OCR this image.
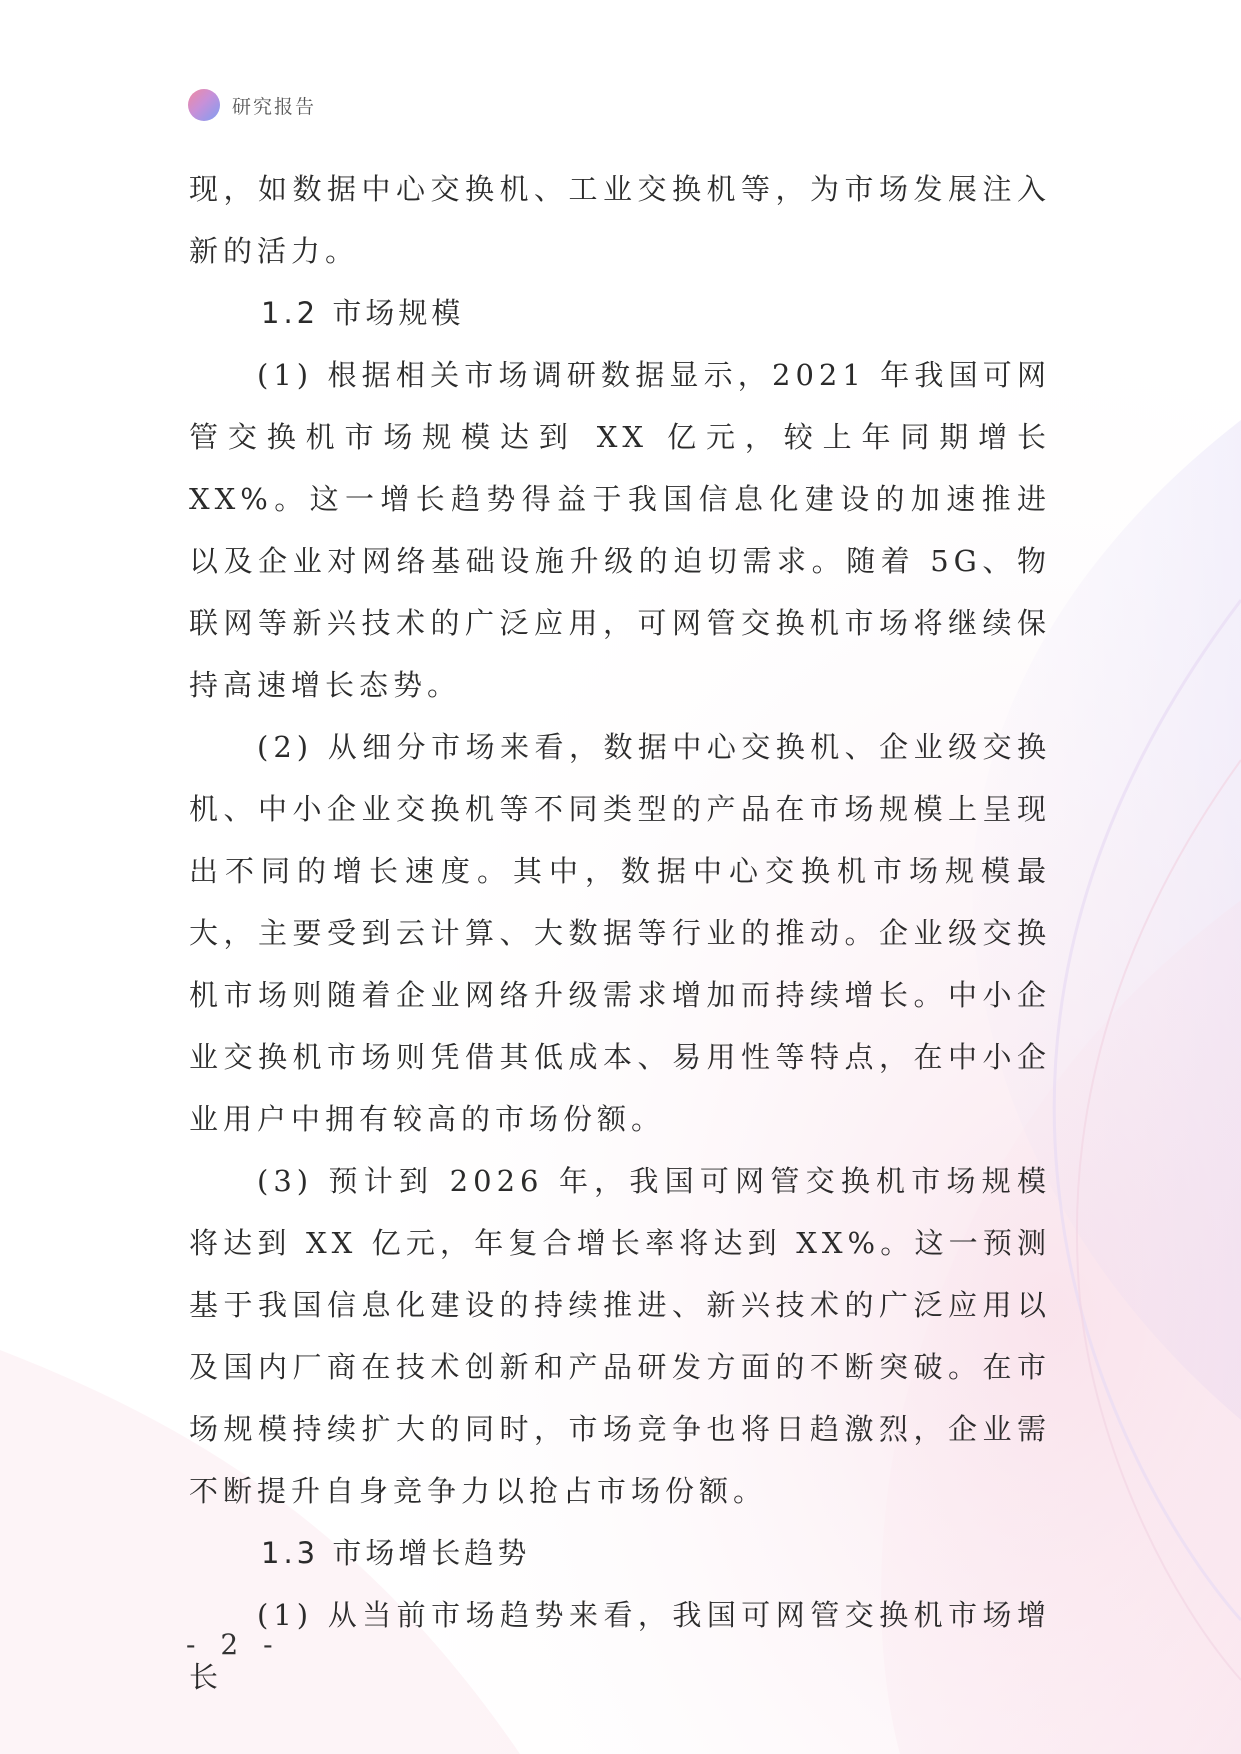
研究报告

现，如数据中心交换机、工业交换机等，为市场发展注入新的活力。

1.2 市场规模

(1) 根据相关市场调研数据显示，2021 年我国可网管交换机市场规模达到 XX 亿元，较上年同期增长 XX%。这一增长趋势得益于我国信息化建设的加速推进以及企业对网络基础设施升级的迫切需求。随着 5G、物联网等新兴技术的广泛应用，可网管交换机市场将继续保持高速增长态势。

(2) 从细分市场来看，数据中心交换机、企业级交换机、中小企业交换机等不同类型的产品在市场规模上呈现出不同的增长速度。其中，数据中心交换机市场规模最大，主要受到云计算、大数据等行业的推动。企业级交换机市场则随着企业网络升级需求增加而持续增长。中小企业交换机市场则凭借其低成本、易用性等特点，在中小企业用户中拥有较高的市场份额。

(3) 预计到 2026 年，我国可网管交换机市场规模将达到 XX 亿元，年复合增长率将达到 XX%。这一预测基于我国信息化建设的持续推进、新兴技术的广泛应用以及国内厂商在技术创新和产品研发方面的不断突破。在市场规模持续扩大的同时，市场竞争也将日趋激烈，企业需不断提升自身竞争力以抢占市场份额。

1.3 市场增长趋势

(1) 从当前市场趋势来看，我国可网管交换机市场增长

- 2 -
